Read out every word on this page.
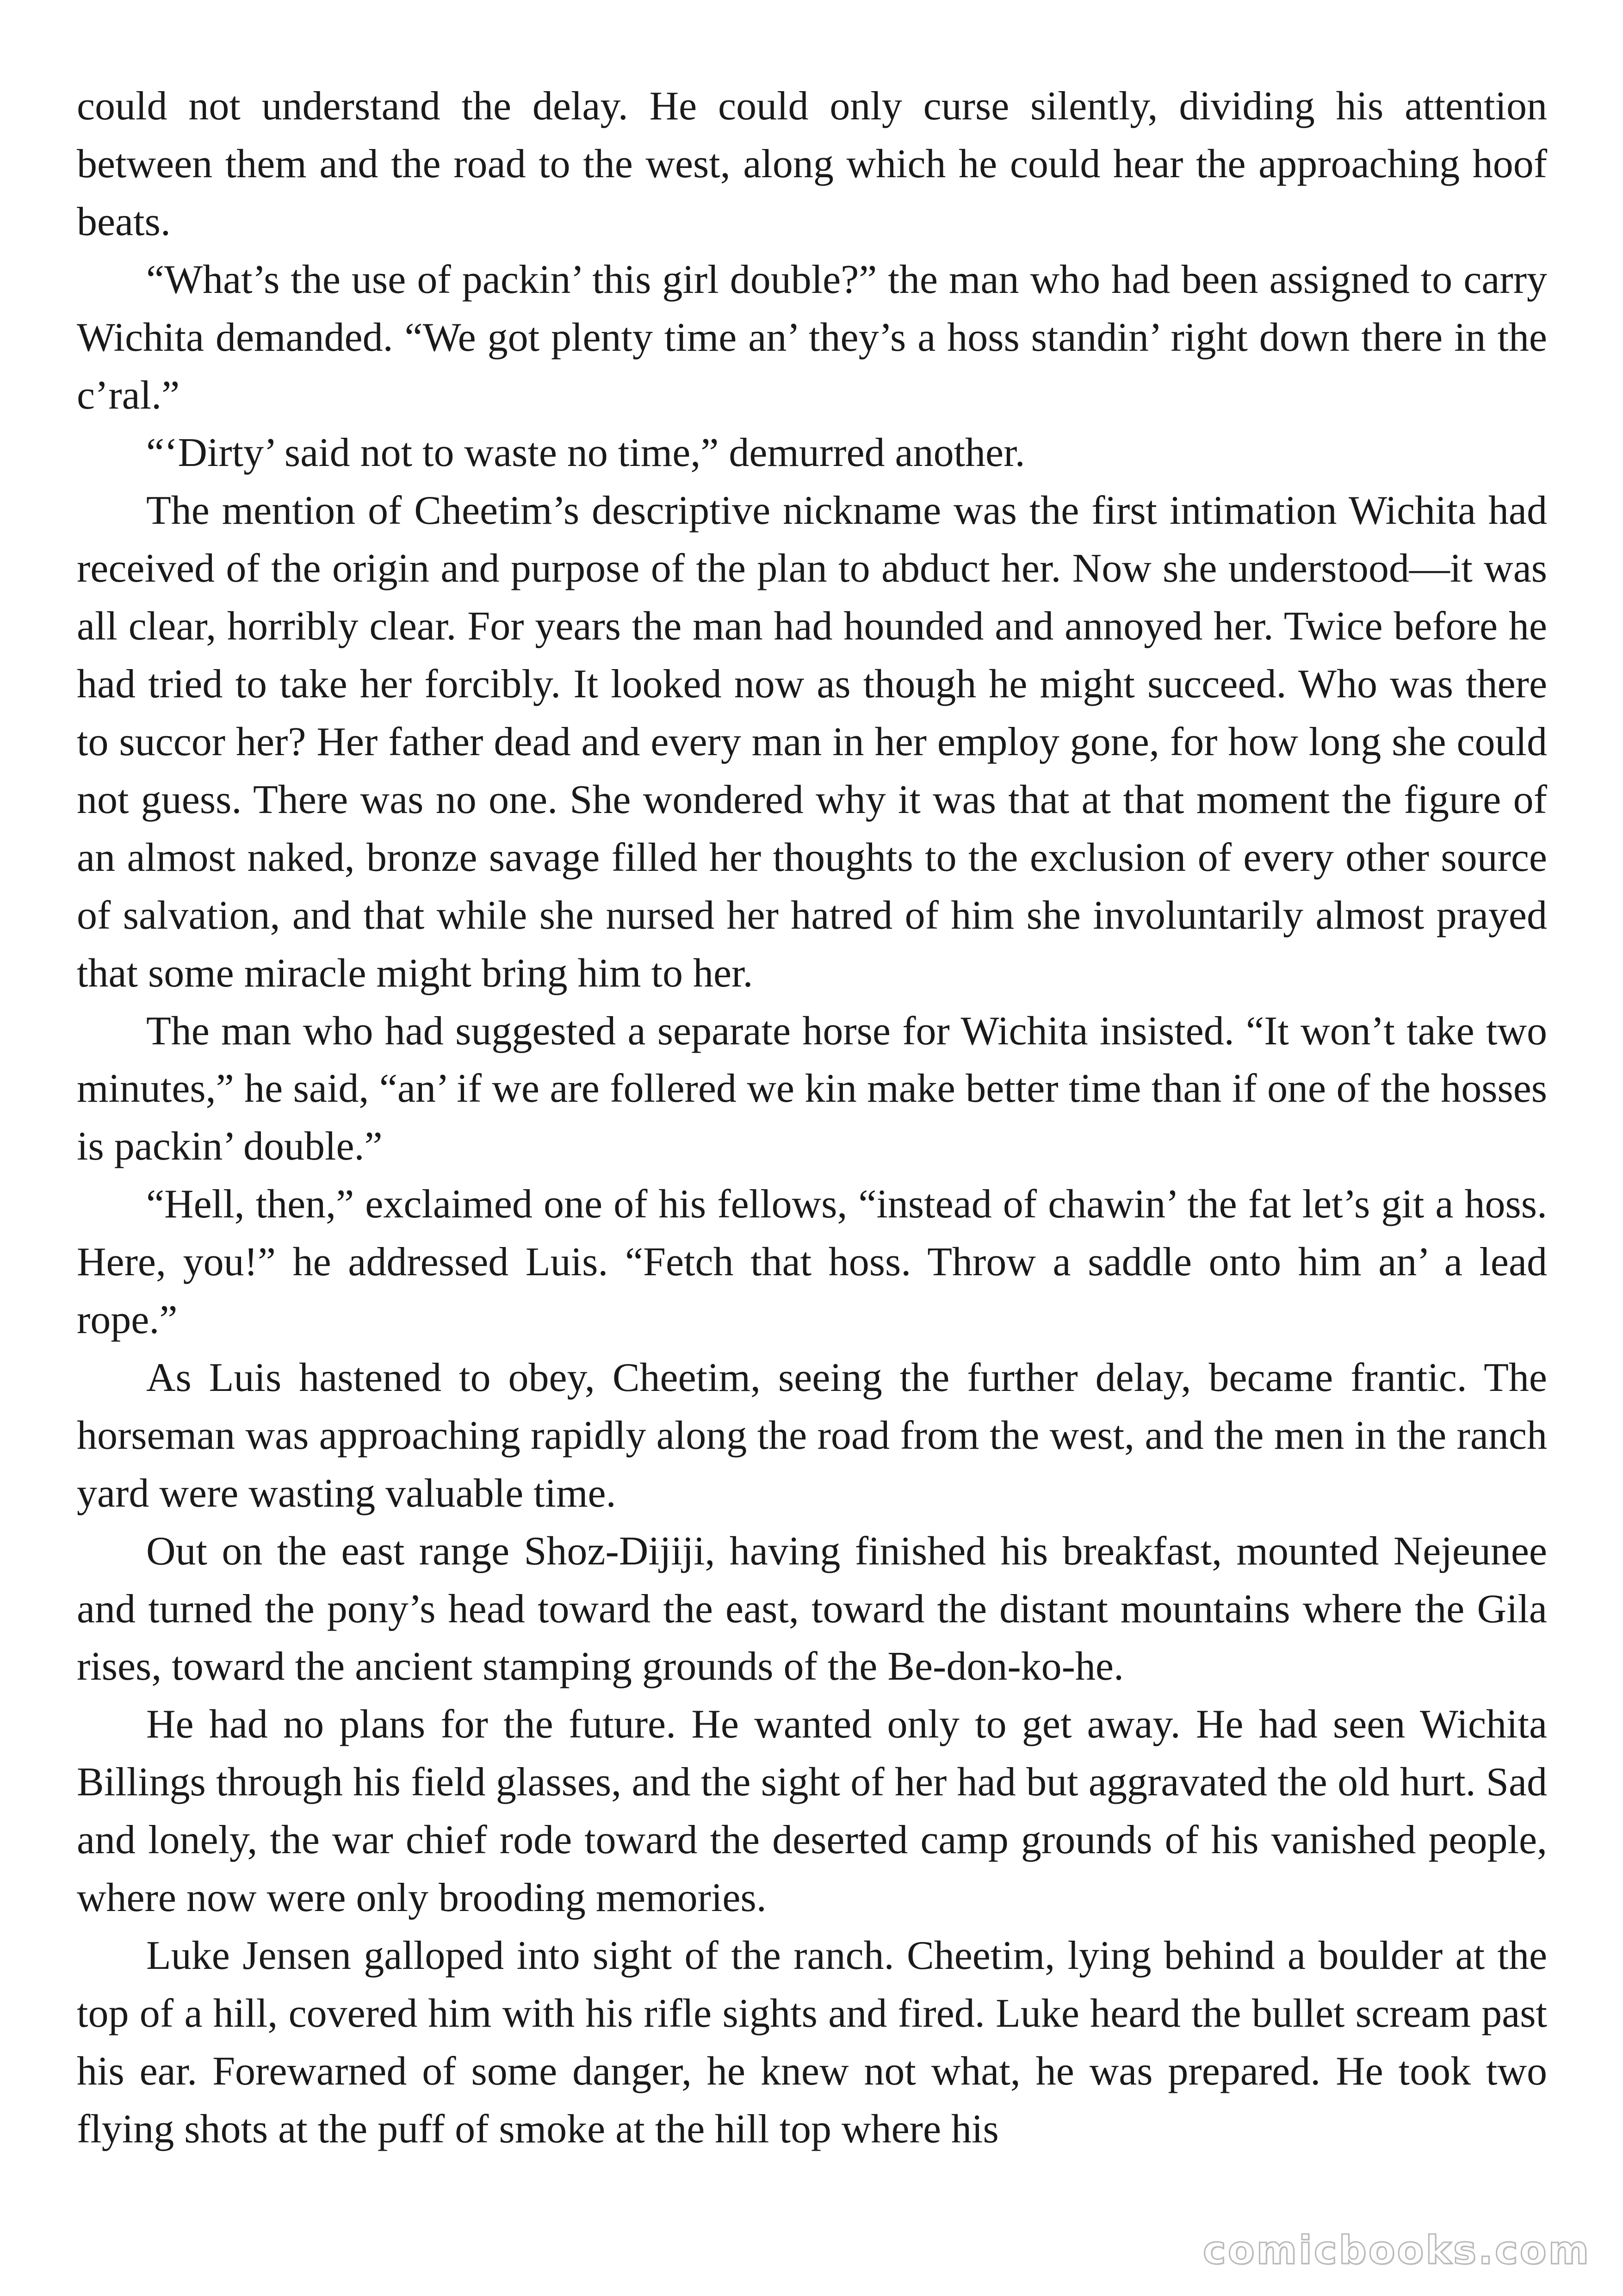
could not understand the delay. He could only curse silently, dividing his attention between them and the road to the west, along which he could hear the approaching hoof beats.

“What’s the use of packin’ this girl double?” the man who had been assigned to carry Wichita demanded. “We got plenty time an’ they’s a hoss standin’ right down there in the c’ral.”

“‘Dirty’ said not to waste no time,” demurred another.

The mention of Cheetim’s descriptive nickname was the first intimation Wichita had received of the origin and purpose of the plan to abduct her. Now she understood—it was all clear, horribly clear. For years the man had hounded and annoyed her. Twice before he had tried to take her forcibly. It looked now as though he might succeed. Who was there to succor her? Her father dead and every man in her employ gone, for how long she could not guess. There was no one. She wondered why it was that at that moment the figure of an almost naked, bronze savage filled her thoughts to the exclusion of every other source of salvation, and that while she nursed her hatred of him she involuntarily almost prayed that some miracle might bring him to her.

The man who had suggested a separate horse for Wichita insisted. “It won’t take two minutes,” he said, “an’ if we are follered we kin make better time than if one of the hosses is packin’ double.”

“Hell, then,” exclaimed one of his fellows, “instead of chawin’ the fat let’s git a hoss. Here, you!” he addressed Luis. “Fetch that hoss. Throw a saddle onto him an’ a lead rope.”

As Luis hastened to obey, Cheetim, seeing the further delay, became frantic. The horseman was approaching rapidly along the road from the west, and the men in the ranch yard were wasting valuable time.

Out on the east range Shoz-Dijiji, having finished his breakfast, mounted Nejeunee and turned the pony’s head toward the east, toward the distant mountains where the Gila rises, toward the ancient stamping grounds of the Be-don-ko-he.

He had no plans for the future. He wanted only to get away. He had seen Wichita Billings through his field glasses, and the sight of her had but aggravated the old hurt. Sad and lonely, the war chief rode toward the deserted camp grounds of his vanished people, where now were only brooding memories.

Luke Jensen galloped into sight of the ranch. Cheetim, lying behind a boulder at the top of a hill, covered him with his rifle sights and fired. Luke heard the bullet scream past his ear. Forewarned of some danger, he knew not what, he was prepared. He took two flying shots at the puff of smoke at the hill top where his

comicbooks.com
